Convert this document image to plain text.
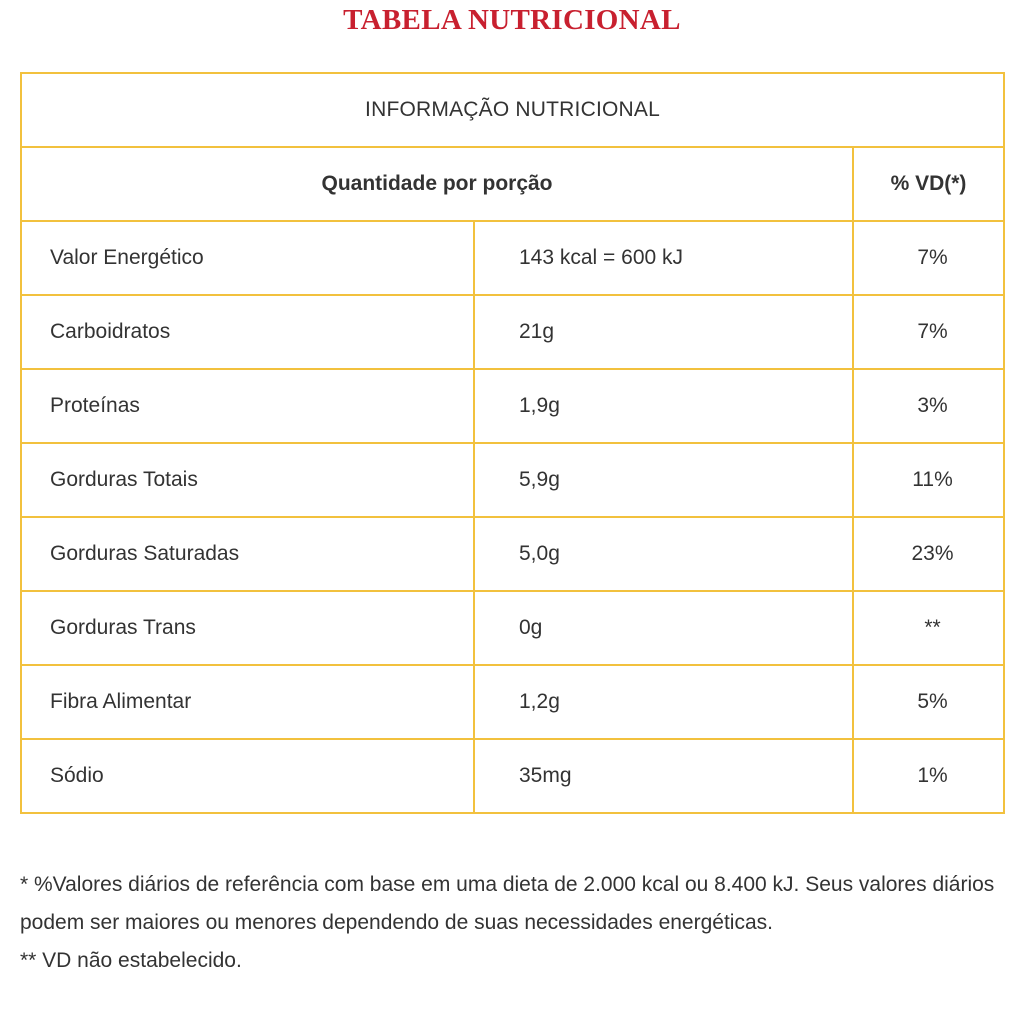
TABELA NUTRICIONAL
INFORMAÇÃO NUTRICIONAL		
Quantidade por porção		% VD(*)
Valor Energético	143 kcal = 600 kJ	7%
Carboidratos	21g	7%
Proteínas	1,9g	3%
Gorduras Totais	5,9g	11%
Gorduras Saturadas	5,0g	23%
Gorduras Trans	0g	**
Fibra Alimentar	1,2g	5%
Sódio	35mg	1%

* %Valores diários de referência com base em uma dieta de 2.000 kcal ou 8.400 kJ. Seus valores diários podem ser maiores ou menores dependendo de suas necessidades energéticas.

** VD não estabelecido.
